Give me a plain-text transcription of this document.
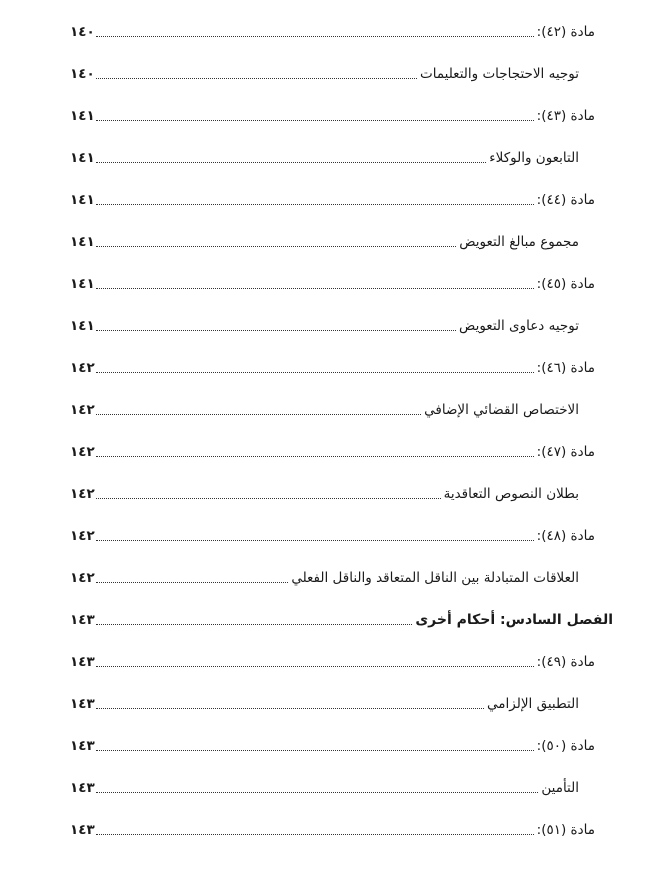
مادة (٤٢):
١٤٠
توجيه الاحتجاجات والتعليمات
١٤٠
مادة (٤٣):
١٤١
التابعون والوكلاء
١٤١
مادة (٤٤):
١٤١
مجموع مبالغ التعويض
١٤١
مادة (٤٥):
١٤١
توجيه دعاوى التعويض
١٤١
مادة (٤٦):
١٤٢
الاختصاص القضائي الإضافي
١٤٢
مادة (٤٧):
١٤٢
بطلان النصوص التعاقدية
١٤٢
مادة (٤٨):
١٤٢
العلاقات المتبادلة بين الناقل المتعاقد والناقل الفعلي
١٤٢
الفصل السادس: أحكام أخرى
١٤٣
مادة (٤٩):
١٤٣
التطبيق الإلزامي
١٤٣
مادة (٥٠):
١٤٣
التأمين
١٤٣
مادة (٥١):
١٤٣
